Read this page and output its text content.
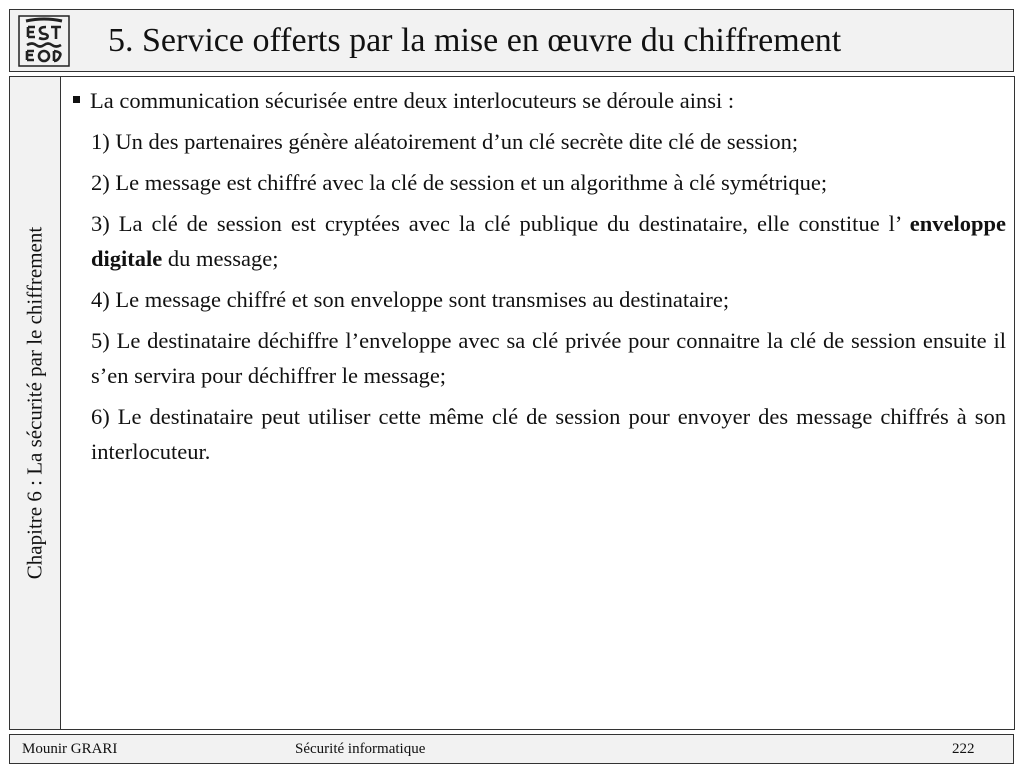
5. Service offerts par la mise en œuvre du chiffrement
Chapitre 6 : La sécurité par le chiffrement

La communication sécurisée entre deux interlocuteurs se déroule ainsi :

1) Un des partenaires génère aléatoirement d’un clé secrète dite clé de session;

2) Le message est chiffré avec la clé de session et un algorithme à clé symétrique;

3) La clé de session est cryptées avec la clé publique du destinataire, elle constitue l’ enveloppe digitale du message;

4) Le message chiffré et son enveloppe sont transmises au destinataire;

5) Le destinataire déchiffre l’enveloppe avec sa clé privée pour connaitre la clé de session ensuite il s’en servira pour déchiffrer le message;

6) Le destinataire peut utiliser cette même clé de session pour envoyer des message chiffrés à son interlocuteur.

Mounir GRARI	Sécurité informatique	222
